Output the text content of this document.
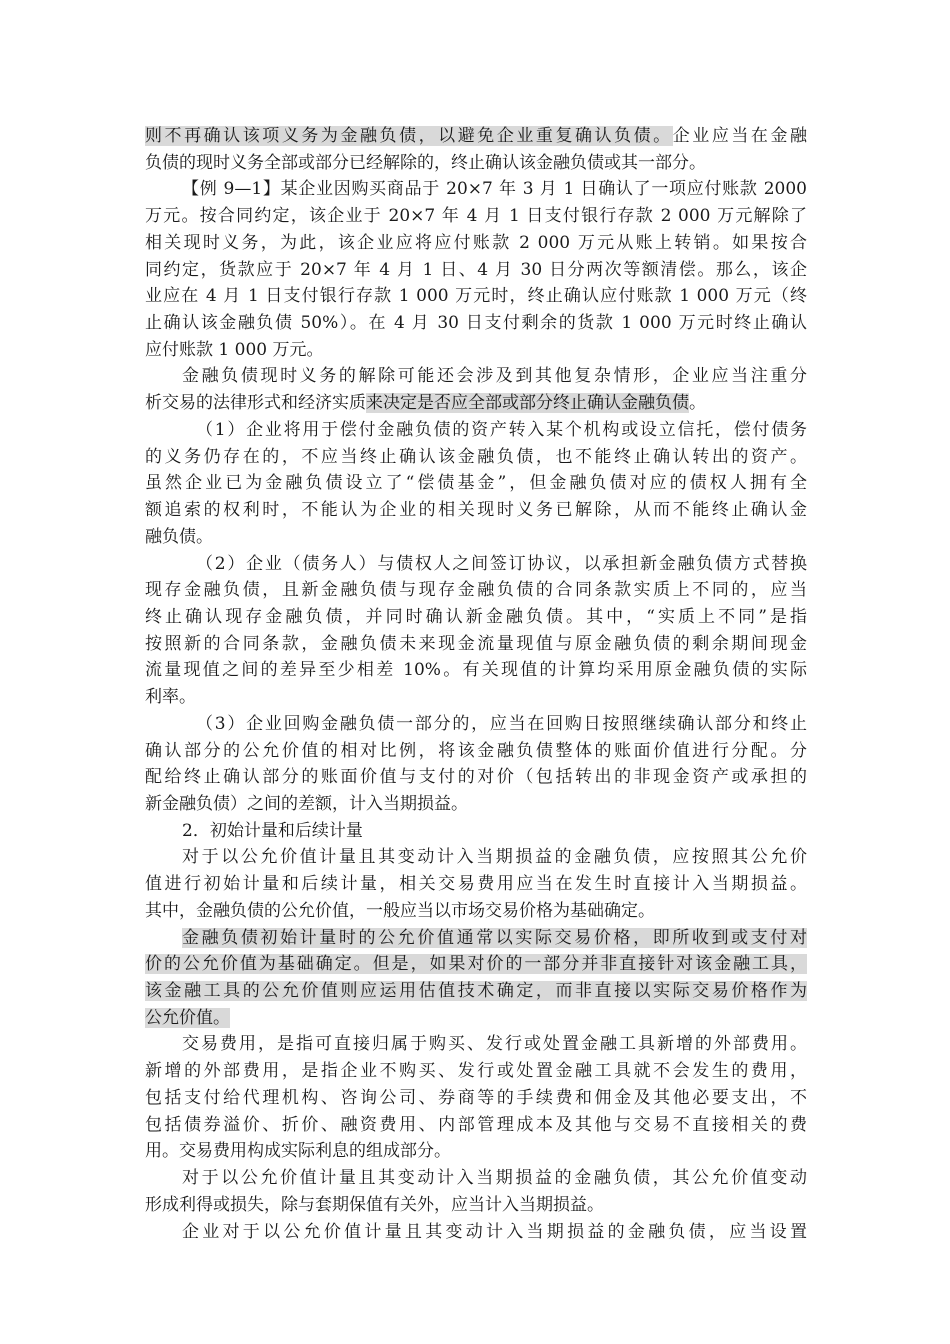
则不再确认该项义务为金融负债，以避免企业重复确认负债。企业应当在金融
负债的现时义务全部或部分已经解除的，终止确认该金融负债或其一部分。
【例 9—1】某企业因购买商品于 20×7 年 3 月 1 日确认了一项应付账款 2000
万元。按合同约定，该企业于 20×7 年 4 月 1 日支付银行存款 2 000 万元解除了
相关现时义务，为此，该企业应将应付账款 2 000 万元从账上转销。如果按合
同约定，货款应于 20×7 年 4 月 1 日、4 月 30 日分两次等额清偿。那么，该企
业应在 4 月 1 日支付银行存款 1 000 万元时，终止确认应付账款 1 000 万元（终
止确认该金融负债 50%）。在 4 月 30 日支付剩余的货款 1 000 万元时终止确认
应付账款 1 000 万元。
金融负债现时义务的解除可能还会涉及到其他复杂情形，企业应当注重分
析交易的法律形式和经济实质来决定是否应全部或部分终止确认金融负债。
（1）企业将用于偿付金融负债的资产转入某个机构或设立信托，偿付债务
的义务仍存在的，不应当终止确认该金融负债，也不能终止确认转出的资产。
虽然企业已为金融负债设立了“偿债基金”，但金融负债对应的债权人拥有全
额追索的权利时，不能认为企业的相关现时义务已解除，从而不能终止确认金
融负债。
（2）企业（债务人）与债权人之间签订协议，以承担新金融负债方式替换
现存金融负债，且新金融负债与现存金融负债的合同条款实质上不同的，应当
终止确认现存金融负债，并同时确认新金融负债。其中，“实质上不同”是指
按照新的合同条款，金融负债未来现金流量现值与原金融负债的剩余期间现金
流量现值之间的差异至少相差 10%。有关现值的计算均采用原金融负债的实际
利率。
（3）企业回购金融负债一部分的，应当在回购日按照继续确认部分和终止
确认部分的公允价值的相对比例，将该金融负债整体的账面价值进行分配。分
配给终止确认部分的账面价值与支付的对价（包括转出的非现金资产或承担的
新金融负债）之间的差额，计入当期损益。
2．初始计量和后续计量
对于以公允价值计量且其变动计入当期损益的金融负债，应按照其公允价
值进行初始计量和后续计量，相关交易费用应当在发生时直接计入当期损益。
其中，金融负债的公允价值，一般应当以市场交易价格为基础确定。
金融负债初始计量时的公允价值通常以实际交易价格，即所收到或支付对
价的公允价值为基础确定。但是，如果对价的一部分并非直接针对该金融工具，
该金融工具的公允价值则应运用估值技术确定，而非直接以实际交易价格作为
公允价值。
交易费用，是指可直接归属于购买、发行或处置金融工具新增的外部费用。
新增的外部费用，是指企业不购买、发行或处置金融工具就不会发生的费用，
包括支付给代理机构、咨询公司、券商等的手续费和佣金及其他必要支出，不
包括债券溢价、折价、融资费用、内部管理成本及其他与交易不直接相关的费
用。交易费用构成实际利息的组成部分。
对于以公允价值计量且其变动计入当期损益的金融负债，其公允价值变动
形成利得或损失，除与套期保值有关外，应当计入当期损益。
企业对于以公允价值计量且其变动计入当期损益的金融负债，应当设置
